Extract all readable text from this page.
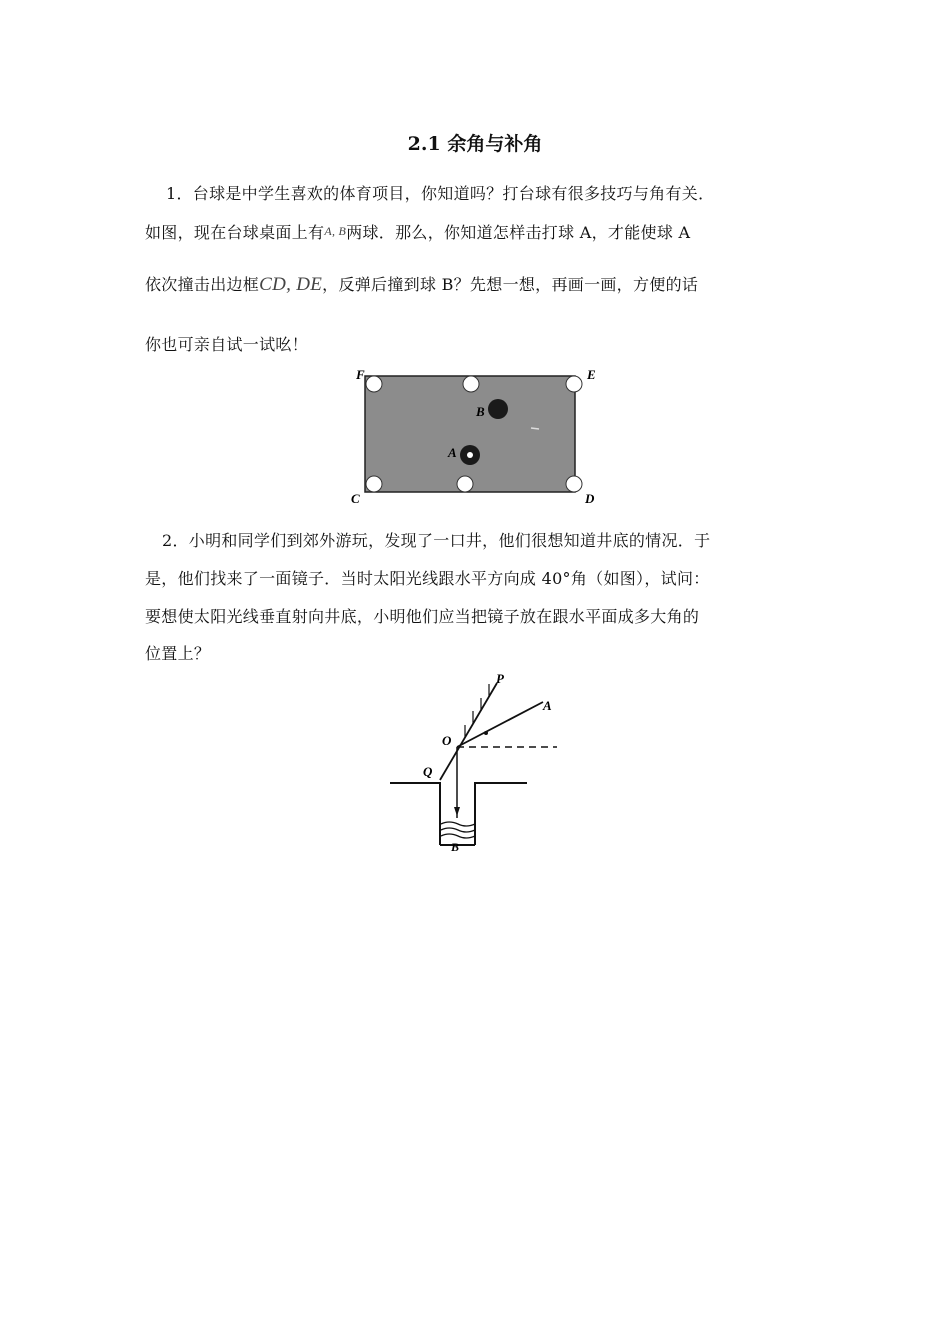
2.1 余角与补角
1．台球是中学生喜欢的体育项目，你知道吗？打台球有很多技巧与角有关．
如图，现在台球桌面上有A, B两球．那么，你知道怎样击打球 A，才能使球 A
依次撞击出边框CD, DE，反弹后撞到球 B？先想一想，再画一画，方便的话
你也可亲自试一试吆！
F	E
C	D
B
A
2．小明和同学们到郊外游玩，发现了一口井，他们很想知道井底的情况．于
是，他们找来了一面镜子．当时太阳光线跟水平方向成 40°角（如图），试问：
要想使太阳光线垂直射向井底，小明他们应当把镜子放在跟水平面成多大角的
位置上？
P
A
O
Q
B
